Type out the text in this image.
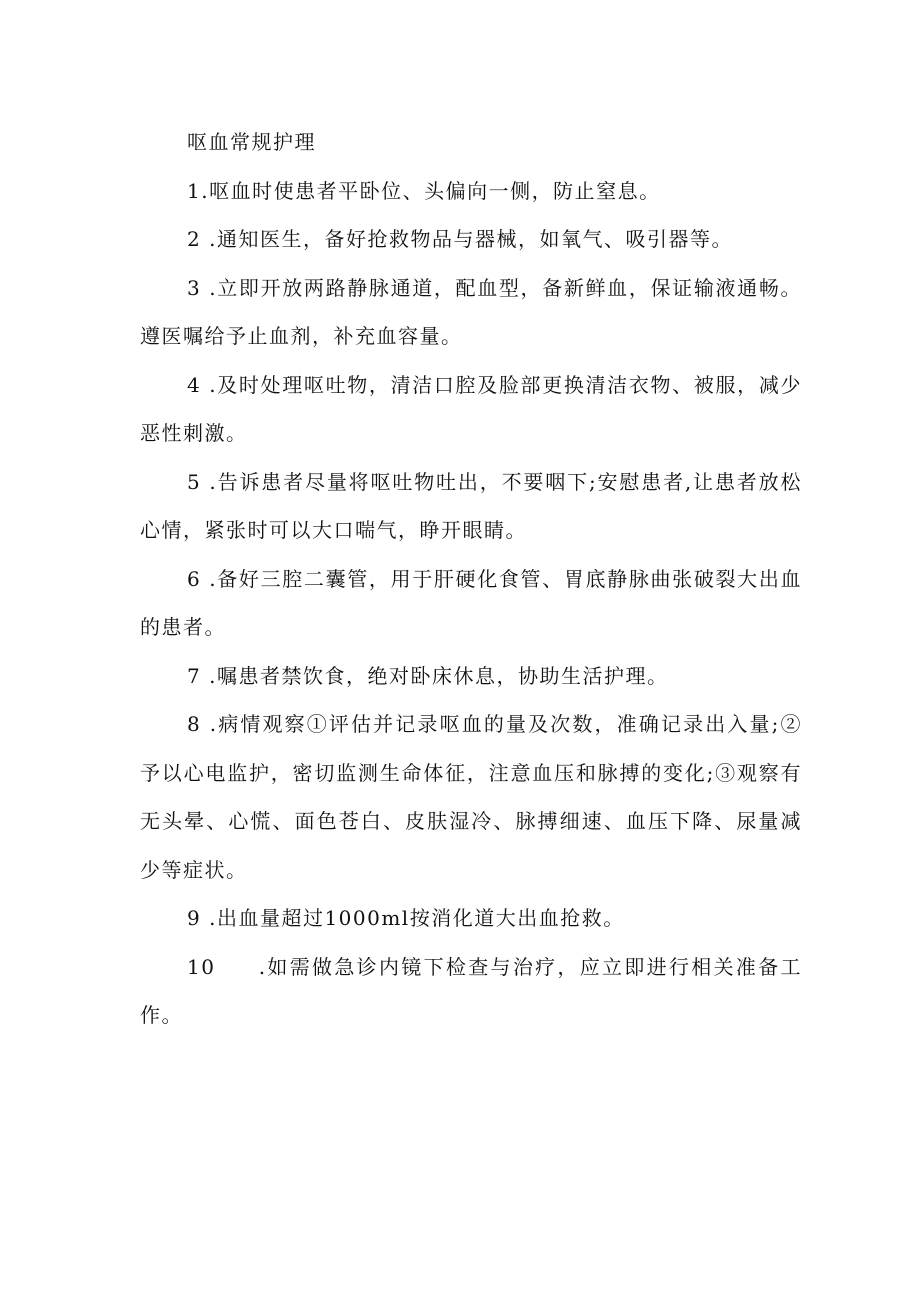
呕血常规护理

1.呕血时使患者平卧位、头偏向一侧，防止窒息。

2 .通知医生，备好抢救物品与器械，如氧气、吸引器等。

3 .立即开放两路静脉通道，配血型，备新鲜血，保证输液通畅。遵医嘱给予止血剂，补充血容量。

4 .及时处理呕吐物，清洁口腔及脸部更换清洁衣物、被服，减少恶性刺激。

5 .告诉患者尽量将呕吐物吐出，不要咽下;安慰患者,让患者放松心情，紧张时可以大口喘气，睁开眼睛。

6 .备好三腔二囊管，用于肝硬化食管、胃底静脉曲张破裂大出血的患者。

7 .嘱患者禁饮食，绝对卧床休息，协助生活护理。

8 .病情观察①评估并记录呕血的量及次数，准确记录出入量;②予以心电监护，密切监测生命体征，注意血压和脉搏的变化;③观察有无头晕、心慌、面色苍白、皮肤湿冷、脉搏细速、血压下降、尿量减少等症状。

9 .出血量超过1000ml按消化道大出血抢救。

10     .如需做急诊内镜下检查与治疗，应立即进行相关准备工作。
